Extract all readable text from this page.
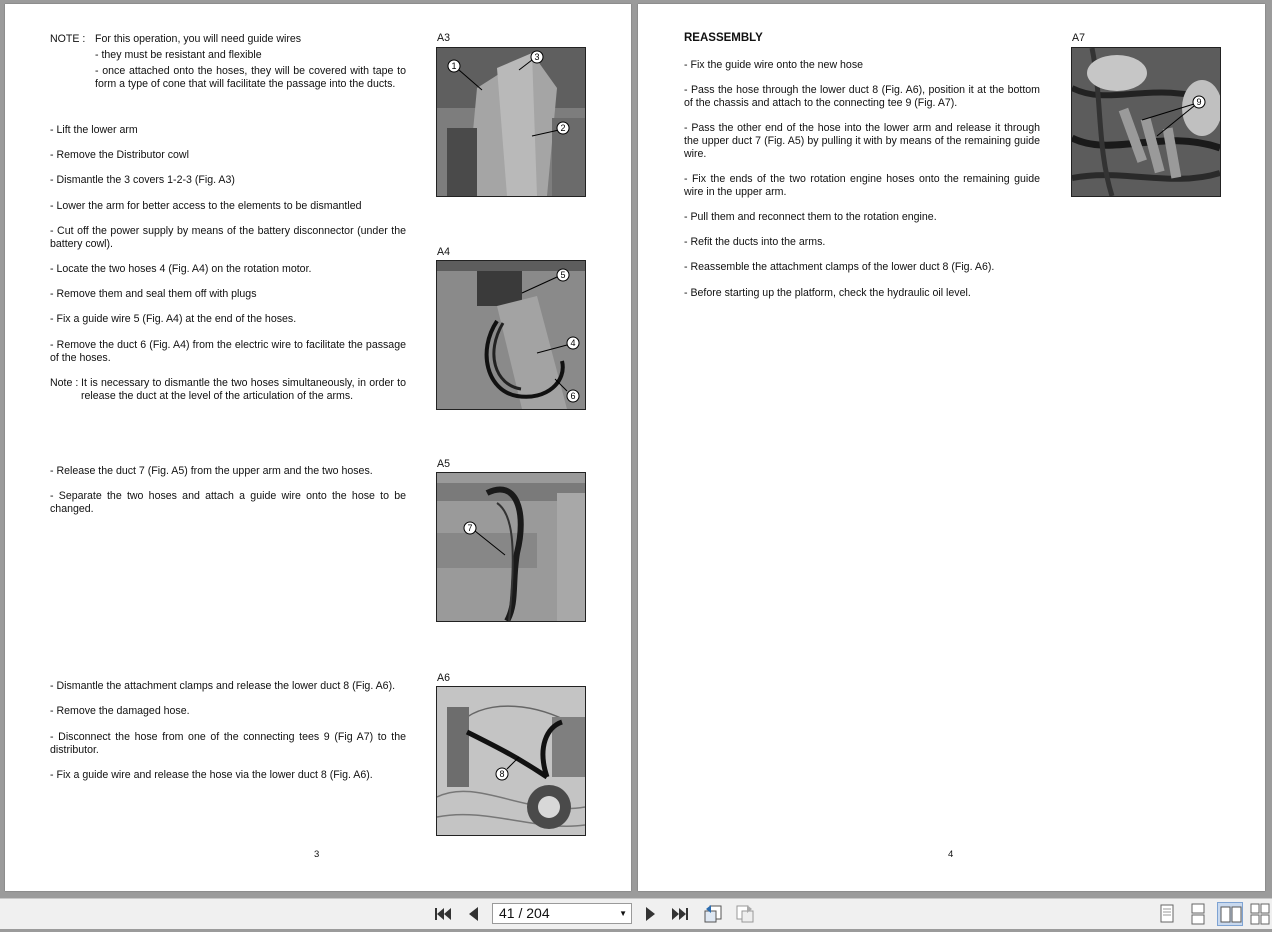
NOTE : For this operation, you will need guide wires
- they must be resistant and flexible
- once attached onto the hoses, they will be covered with tape to form a type of cone that will facilitate the passage into the ducts.
- Lift the lower arm
- Remove the Distributor cowl
- Dismantle the 3 covers 1-2-3 (Fig. A3)
- Lower the arm for better access to the elements to be dismantled
- Cut off the power supply by means of the battery disconnector (under the battery cowl).
- Locate the two hoses 4 (Fig. A4) on the rotation motor.
- Remove them and seal them off with plugs
- Fix a guide wire 5 (Fig. A4) at the end of the hoses.
- Remove the duct 6 (Fig. A4) from the electric wire to facilitate the passage of the hoses.
Note : It is necessary to dismantle the two hoses simultaneously, in order to release the duct at the level of the articulation of the arms.
- Release the duct 7 (Fig. A5) from the upper arm and the two hoses.
- Separate the two hoses and attach a guide wire onto the hose to be changed.
- Dismantle the attachment clamps and release the lower duct 8 (Fig. A6).
- Remove the damaged hose.
- Disconnect the hose from one of the connecting tees 9 (Fig A7) to the distributor.
- Fix a guide wire and release the hose via the lower duct 8 (Fig. A6).
A3
1
3
2
A4
5
4
6
A5
7
A6
8
3
REASSEMBLY
- Fix the guide wire onto the new hose
- Pass the hose through the lower duct 8 (Fig. A6), position it at the bottom of the chassis and attach to the connecting tee 9 (Fig. A7).
- Pass the other end of the hose into the lower arm and release it through the upper duct 7 (Fig. A5) by pulling it with by means of the remaining guide wire.
- Fix the ends of the two rotation engine hoses onto the remaining guide wire in the upper arm.
- Pull them and reconnect them to the rotation engine.
- Refit the ducts into the arms.
- Reassemble the attachment clamps of the lower duct 8 (Fig. A6).
- Before starting up the platform, check the hydraulic oil level.
A7
9
4
41 / 204	▼
